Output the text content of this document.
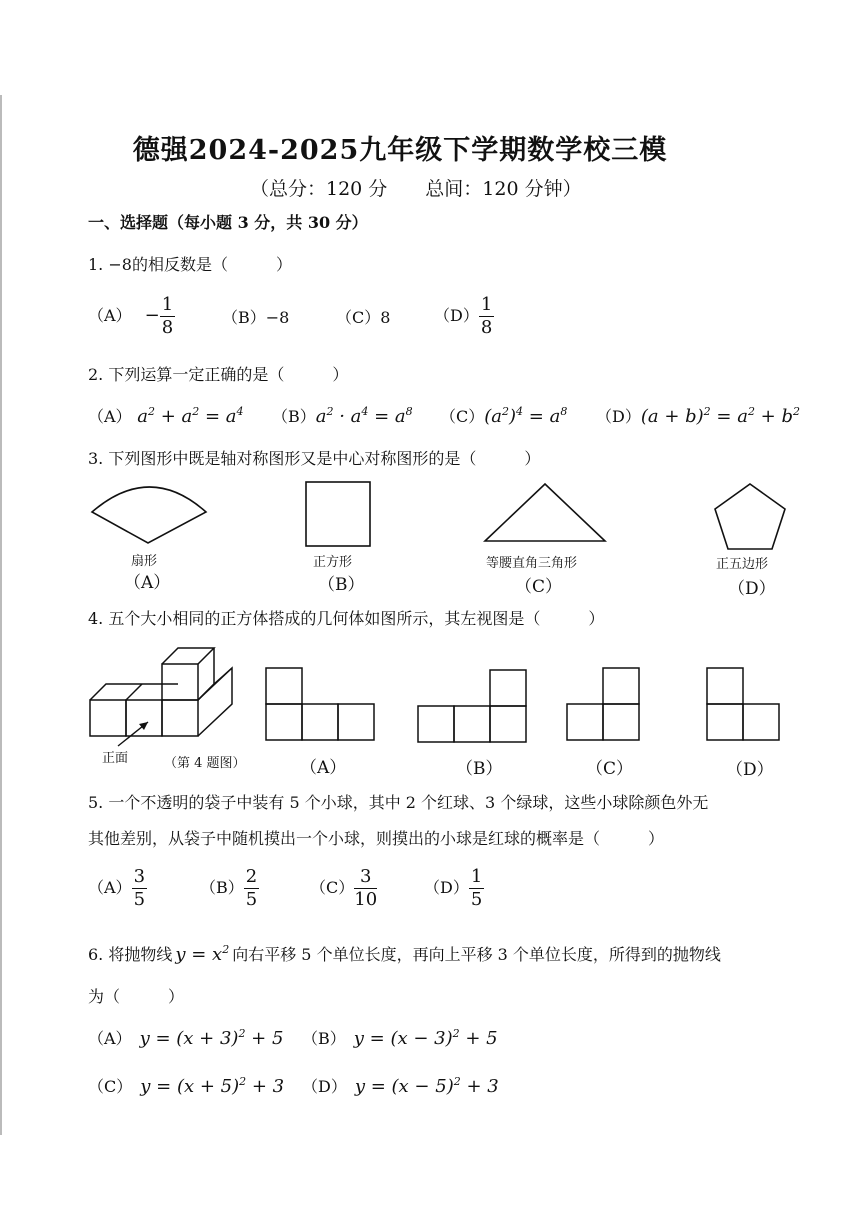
德强2024-2025九年级下学期数学校三模
（总分：120 分　　总间：120 分钟）
一、选择题（每小题 3 分，共 30 分）
1. −8的相反数是（　　　）
$(A) - \frac{1}{8}$	（B）−8	（C）8	$(D) \frac{1}{8}$
2. 下列运算一定正确的是（　　　）
（A） $a^2 + a^2 = a^4$ $(B)a^2 \cdot a^4 = a^8$ $(C)(a^2)^4 = a^8$ $(D)(a + b)^2 = a^2 + b^2$
3. 下列图形中既是轴对称图形又是中心对称图形的是（　　　）
扇形	正方形	等腰直角三角形	正五边形
（A）	（B）	（C）	（D）
4. 五个大小相同的正方体搭成的几何体如图所示，其左视图是（　　　）
正面	（第 4 题图）	（A）	（B）	（C）	（D）
5. 一个不透明的袋子中装有 5 个小球，其中 2 个红球、3 个绿球，这些小球除颜色外无
其他差别，从袋子中随机摸出一个小球，则摸出的小球是红球的概率是（　　　）
$(A) \frac{3}{5}$	$(B) \frac{2}{5}$	$(C) \frac{3}{10}$	$(D) \frac{1}{5}$
6. 将抛物线 $y = x^2$ 向右平移 5 个单位长度，再向上平移 3 个单位长度，所得到的抛物线
为（　　　）
（A） $y = (x + 3)^2 + 5$ （B） $y = (x - 3)^2 + 5$
（C） $y = (x + 5)^2 + 3$ （D） $y = (x - 5)^2 + 3$
